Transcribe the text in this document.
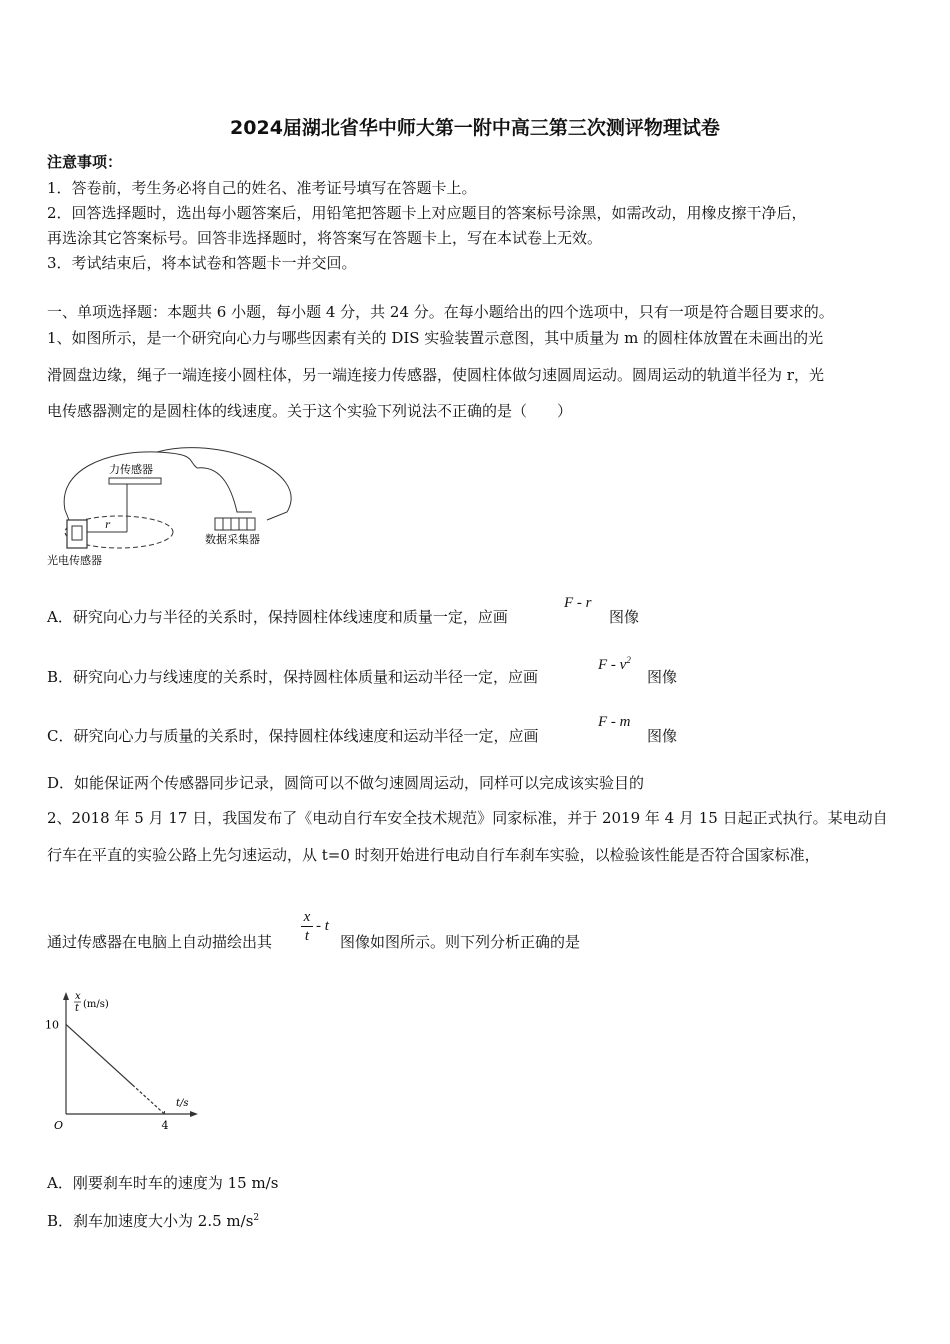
2024届湖北省华中师大第一附中高三第三次测评物理试卷
注意事项：
1．答卷前，考生务必将自己的姓名、准考证号填写在答题卡上。
2．回答选择题时，选出每小题答案后，用铅笔把答题卡上对应题目的答案标号涂黑，如需改动，用橡皮擦干净后，
再选涂其它答案标号。回答非选择题时，将答案写在答题卡上，写在本试卷上无效。
3．考试结束后，将本试卷和答题卡一并交回。
一、单项选择题：本题共 6 小题，每小题 4 分，共 24 分。在每小题给出的四个选项中，只有一项是符合题目要求的。
1、如图所示，是一个研究向心力与哪些因素有关的 DIS 实验装置示意图，其中质量为 m 的圆柱体放置在未画出的光
滑圆盘边缘，绳子一端连接小圆柱体，另一端连接力传感器，使圆柱体做匀速圆周运动。圆周运动的轨道半径为 r，光
电传感器测定的是圆柱体的线速度。关于这个实验下列说法不正确的是（　　）
力传感器
数据采集器
光电传感器
r
A．研究向心力与半径的关系时，保持圆柱体线速度和质量一定，应画
F - r
图像
B．研究向心力与线速度的关系时，保持圆柱体质量和运动半径一定，应画
F - $v^2$
图像
C．研究向心力与质量的关系时，保持圆柱体线速度和运动半径一定，应画
F - m
图像
D．如能保证两个传感器同步记录，圆筒可以不做匀速圆周运动，同样可以完成该实验目的
2、2018 年 5 月 17 日，我国发布了《电动自行车安全技术规范》同家标准，并于 2019 年 4 月 15 日起正式执行。某电动自
行车在平直的实验公路上先匀速运动，从 t=0 时刻开始进行电动自行车刹车实验，以检验该性能是否符合国家标准，
通过传感器在电脑上自动描绘出其
x
t
- t
图像如图所示。则下列分析正确的是
x
t (m/s)
t/s
O
10
4
A．刚要刹车时车的速度为 15 m/s
B．刹车加速度大小为 2.5 $m/s^2$
